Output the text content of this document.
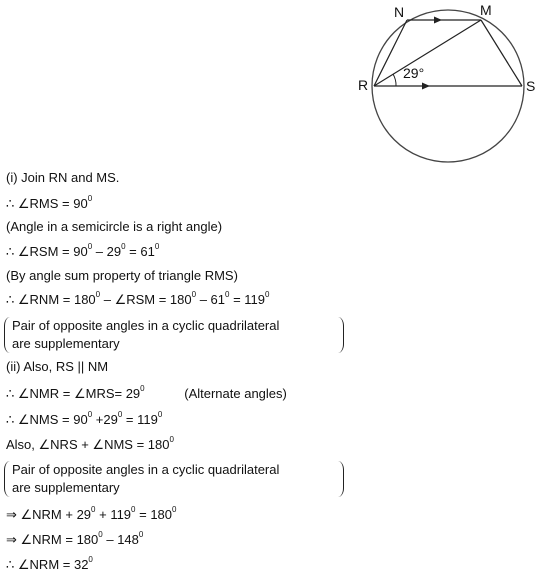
N	M
R	S
29°
(i) Join RN and MS.
∴ ∠RMS = $90^0$
(Angle in a semicircle is a right angle)
∴ ∠RSM = $90^0 - 29^0 = 61^0$
(By angle sum property of triangle RMS)
∴ ∠RNM = $180^0$ – ∠RSM = $180^0 - 61^0 = 119^0$
Pair of opposite angles in a cyclic quadrilateral
are supplementary
(ii) Also, RS || NM
∴ ∠NMR = ∠MRS= $29^0$	(Alternate angles)
∴ ∠NMS = $90^0 +29^0 = 119^0$
Also, ∠NRS + ∠NMS = $180^0$
Pair of opposite angles in a cyclic quadrilateral
are supplementary
⇒ ∠NRM + $29^0 + 119^0 = 180^0$
⇒ ∠NRM = $180^0 - 148^0$
∴ ∠NRM = $32^0$
